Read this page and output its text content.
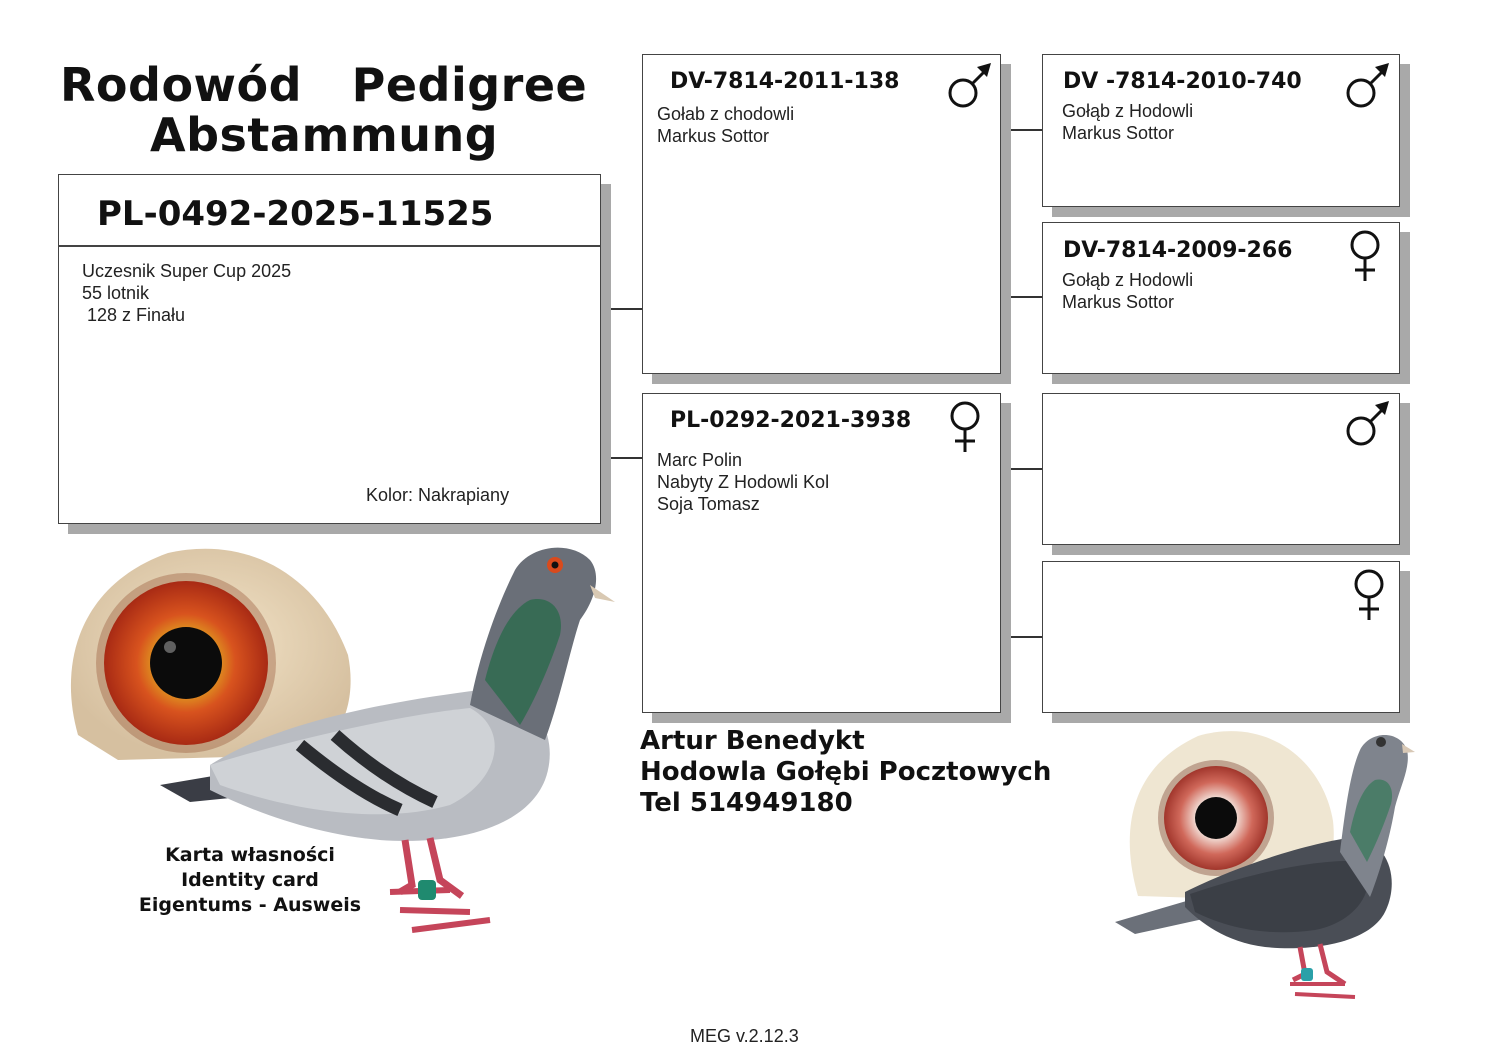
Rodowód   Pedigree
Abstammung
PL-0492-2025-11525
Uczesnik Super Cup 2025
55 lotnik
128 z Finału
Kolor: Nakrapiany
DV-7814-2011-138
Gołab z chodowli
Markus Sottor
PL-0292-2021-3938
Marc Polin
Nabyty Z Hodowli Kol
Soja Tomasz
DV -7814-2010-740
Gołąb z Hodowli
Markus Sottor
DV-7814-2009-266
Gołąb z Hodowli
Markus Sottor
Karta własności
Identity card
Eigentums - Ausweis
Artur Benedykt
Hodowla Gołębi Pocztowych
Tel 514949180
MEG v.2.12.3
